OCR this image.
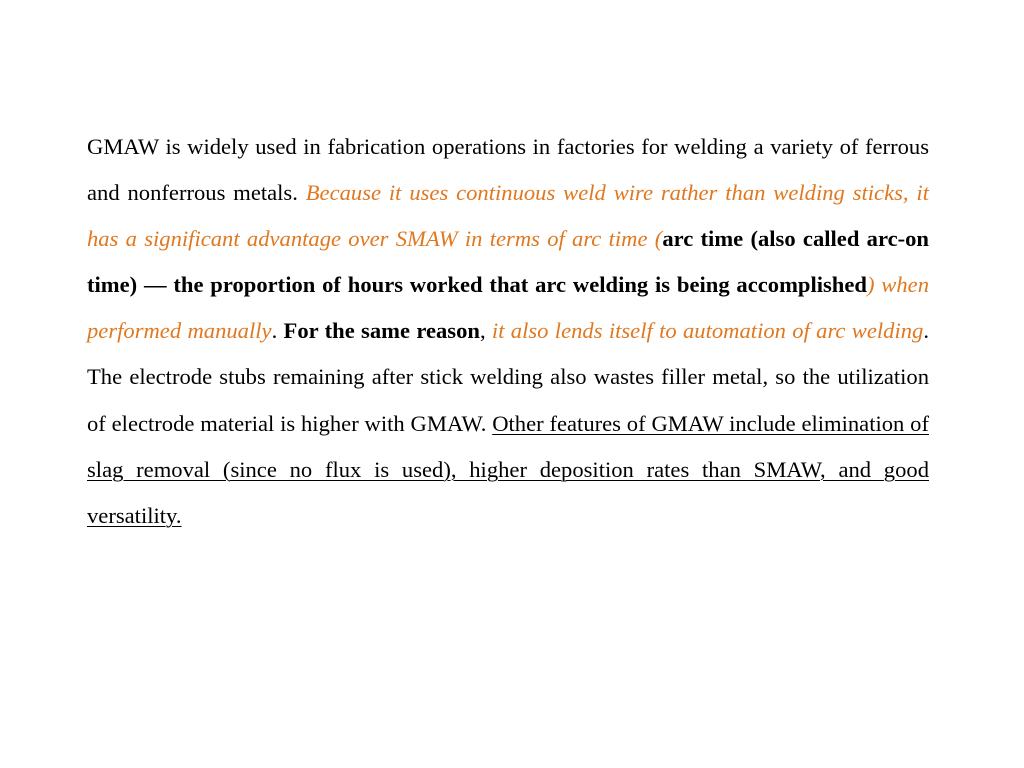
GMAW is widely used in fabrication operations in factories for welding a variety of ferrous and nonferrous metals. Because it uses continuous weld wire rather than welding sticks, it has a significant advantage over SMAW in terms of arc time (arc time (also called arc-on time) — the proportion of hours worked that arc welding is being accomplished) when performed manually. For the same reason, it also lends itself to automation of arc welding. The electrode stubs remaining after stick welding also wastes filler metal, so the utilization of electrode material is higher with GMAW. Other features of GMAW include elimination of slag removal (since no flux is used), higher deposition rates than SMAW, and good versatility.
